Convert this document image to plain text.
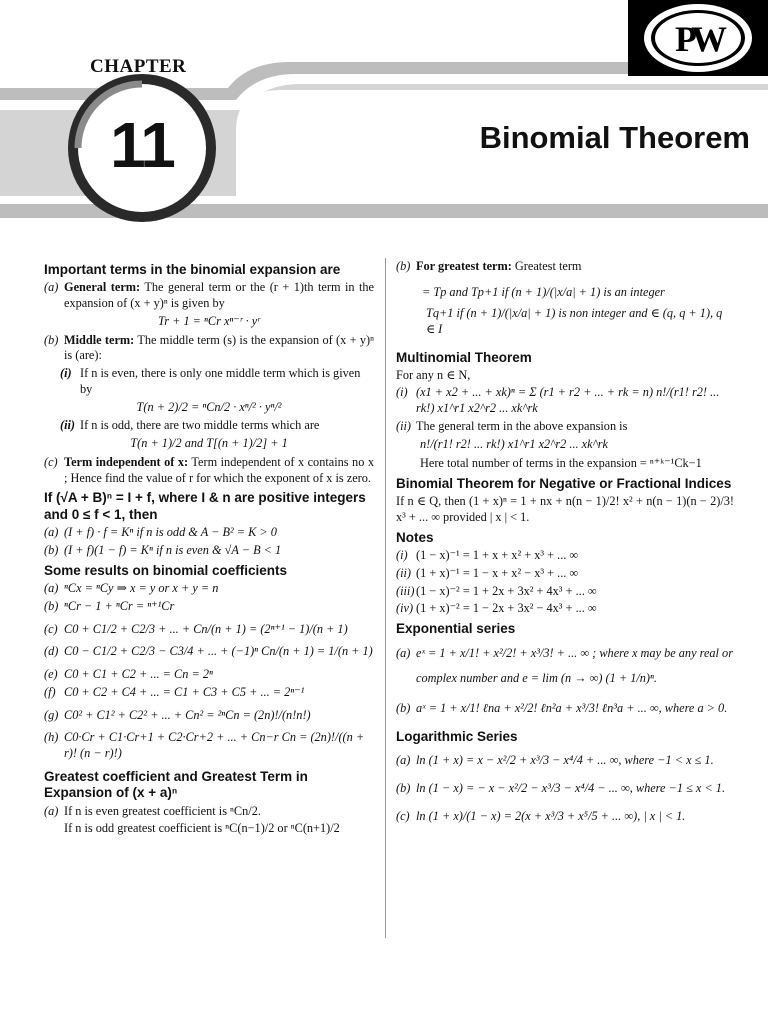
CHAPTER
PW
11	Binomial Theorem
Important terms in the binomial expansion are
(a) General term: The general term or the (r + 1)th term in the expansion of (x + y)ⁿ is given by

Tr + 1 = ⁿCr xⁿ⁻ʳ · yʳ

(b) Middle term: The middle term (s) is the expansion of (x + y)ⁿ is (are):
(i) If n is even, there is only one middle term which is given by

T(n + 2)/2 = ⁿCn/2 · xⁿ/² · yⁿ/²

(ii) If n is odd, there are two middle terms which are

T(n + 1)/2 and T[(n + 1)/2] + 1

(c) Term independent of x: Term independent of x contains no x ; Hence find the value of r for which the exponent of x is zero.
If (√A + B)ⁿ = I + f, where I & n are positive integers and 0 ≤ f < 1, then
(a) (I + f) · f = Kⁿ if n is odd & A − B² = K > 0
(b) (I + f)(1 − f) = Kⁿ if n is even & √A − B < 1
Some results on binomial coefficients
(a) ⁿCx = ⁿCy ⇒ x = y or x + y = n
(b) ⁿCr − 1 + ⁿCr = ⁿ⁺¹Cr
(c) C0 + C1/2 + C2/3 + ... + Cn/(n + 1) = (2ⁿ⁺¹ − 1)/(n + 1)
(d) C0 − C1/2 + C2/3 − C3/4 + ... + (−1)ⁿ Cn/(n + 1) = 1/(n + 1)
(e) C0 + C1 + C2 + ... = Cn = 2ⁿ
(f) C0 + C2 + C4 + ... = C1 + C3 + C5 + ... = 2ⁿ⁻¹
(g) C0² + C1² + C2² + ... + Cn² = ²ⁿCn = (2n)!/(n!n!)
(h) C0·Cr + C1·Cr+1 + C2·Cr+2 + ... + Cn−r Cn = (2n)!/((n + r)! (n − r)!)
Greatest coefficient and Greatest Term in Expansion of (x + a)ⁿ
(a) If n is even greatest coefficient is ⁿCn/2.

If n is odd greatest coefficient is ⁿC(n−1)/2 or ⁿC(n+1)/2

(b) For greatest term: Greatest term

= Tp and Tp+1 if (n + 1)/(|x/a| + 1) is an integer

Tq+1 if (n + 1)/(|x/a| + 1) is non integer and ∈ (q, q + 1), q ∈ I

Multinomial Theorem

For any n ∈ N,

(i) (x1 + x2 + ... + xk)ⁿ = Σ (r1 + r2 + ... + rk = n) n!/(r1! r2! ... rk!) x1^r1 x2^r2 ... xk^rk
(ii) The general term in the above expansion is

n!/(r1! r2! ... rk!) x1^r1 x2^r2 ... xk^rk

Here total number of terms in the expansion = ⁿ⁺ᵏ⁻¹Ck−1

Binomial Theorem for Negative or Fractional Indices

If n ∈ Q, then (1 + x)ⁿ = 1 + nx + n(n − 1)/2! x² + n(n − 1)(n − 2)/3! x³ + ... ∞ provided | x | < 1.

Notes
(i) (1 − x)⁻¹ = 1 + x + x² + x³ + ... ∞
(ii) (1 + x)⁻¹ = 1 − x + x² − x³ + ... ∞
(iii) (1 − x)⁻² = 1 + 2x + 3x² + 4x³ + ... ∞
(iv) (1 + x)⁻² = 1 − 2x + 3x² − 4x³ + ... ∞
Exponential series
(a) eˣ = 1 + x/1! + x²/2! + x³/3! + ... ∞ ; where x may be any real or

complex number and e = lim (n → ∞) (1 + 1/n)ⁿ.

(b) aˣ = 1 + x/1! ℓna + x²/2! ℓn²a + x³/3! ℓn³a + ... ∞, where a > 0.
Logarithmic Series
(a) ln (1 + x) = x − x²/2 + x³/3 − x⁴/4 + ... ∞, where −1 < x ≤ 1.
(b) ln (1 − x) = − x − x²/2 − x³/3 − x⁴/4 − ... ∞, where −1 ≤ x < 1.
(c) ln (1 + x)/(1 − x) = 2(x + x³/3 + x⁵/5 + ... ∞), | x | < 1.
